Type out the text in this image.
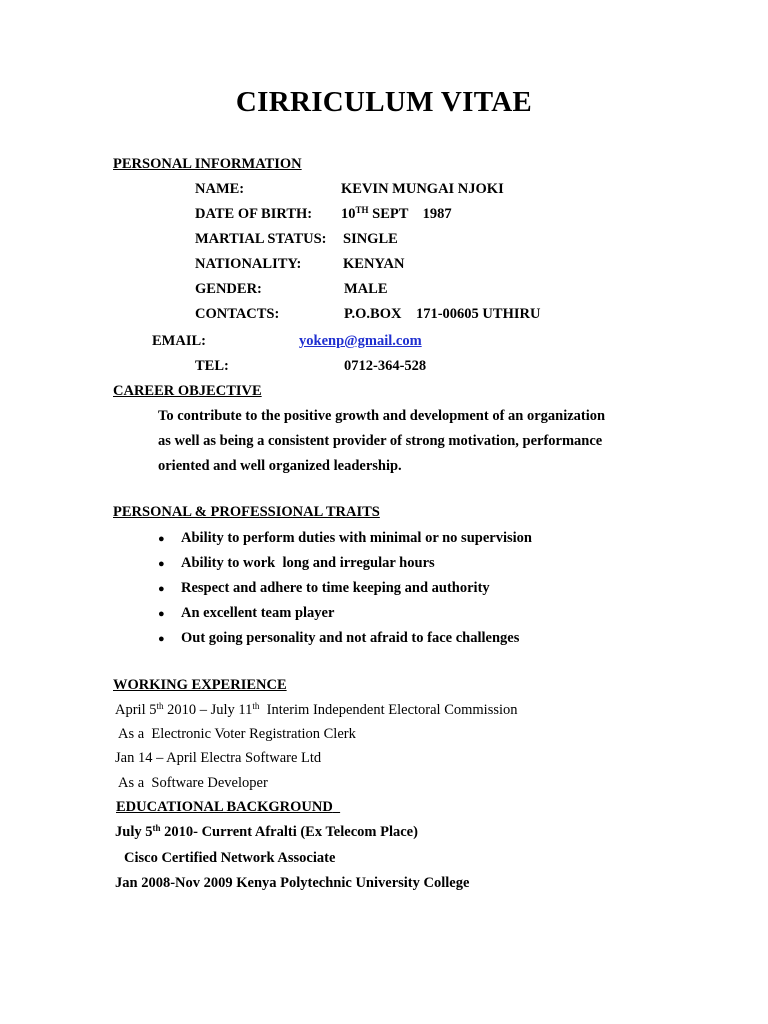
CIRRICULUM VITAE
PERSONAL INFORMATION
NAME:	KEVIN MUNGAI NJOKI
DATE OF BIRTH: 10TH SEPT    1987
MARTIAL STATUS: SINGLE
NATIONALITY:	KENYAN
GENDER:	MALE
CONTACTS:	P.O.BOX    171-00605 UTHIRU
EMAIL:	yokenp@gmail.com
TEL:	0712-364-528
CAREER OBJECTIVE
To contribute to the positive growth and development of an organization
as well as being a consistent provider of strong motivation, performance
oriented and well organized leadership.
PERSONAL & PROFESSIONAL TRAITS
● Ability to perform duties with minimal or no supervision
● Ability to work  long and irregular hours
● Respect and adhere to time keeping and authority
● An excellent team player
● Out going personality and not afraid to face challenges
WORKING EXPERIENCE
April 5th 2010 – July 11th  Interim Independent Electoral Commission
As a  Electronic Voter Registration Clerk
Jan 14 – April Electra Software Ltd
As a  Software Developer
EDUCATIONAL BACKGROUND
July 5th 2010- Current Afralti (Ex Telecom Place)
Cisco Certified Network Associate
Jan 2008-Nov 2009 Kenya Polytechnic University College
